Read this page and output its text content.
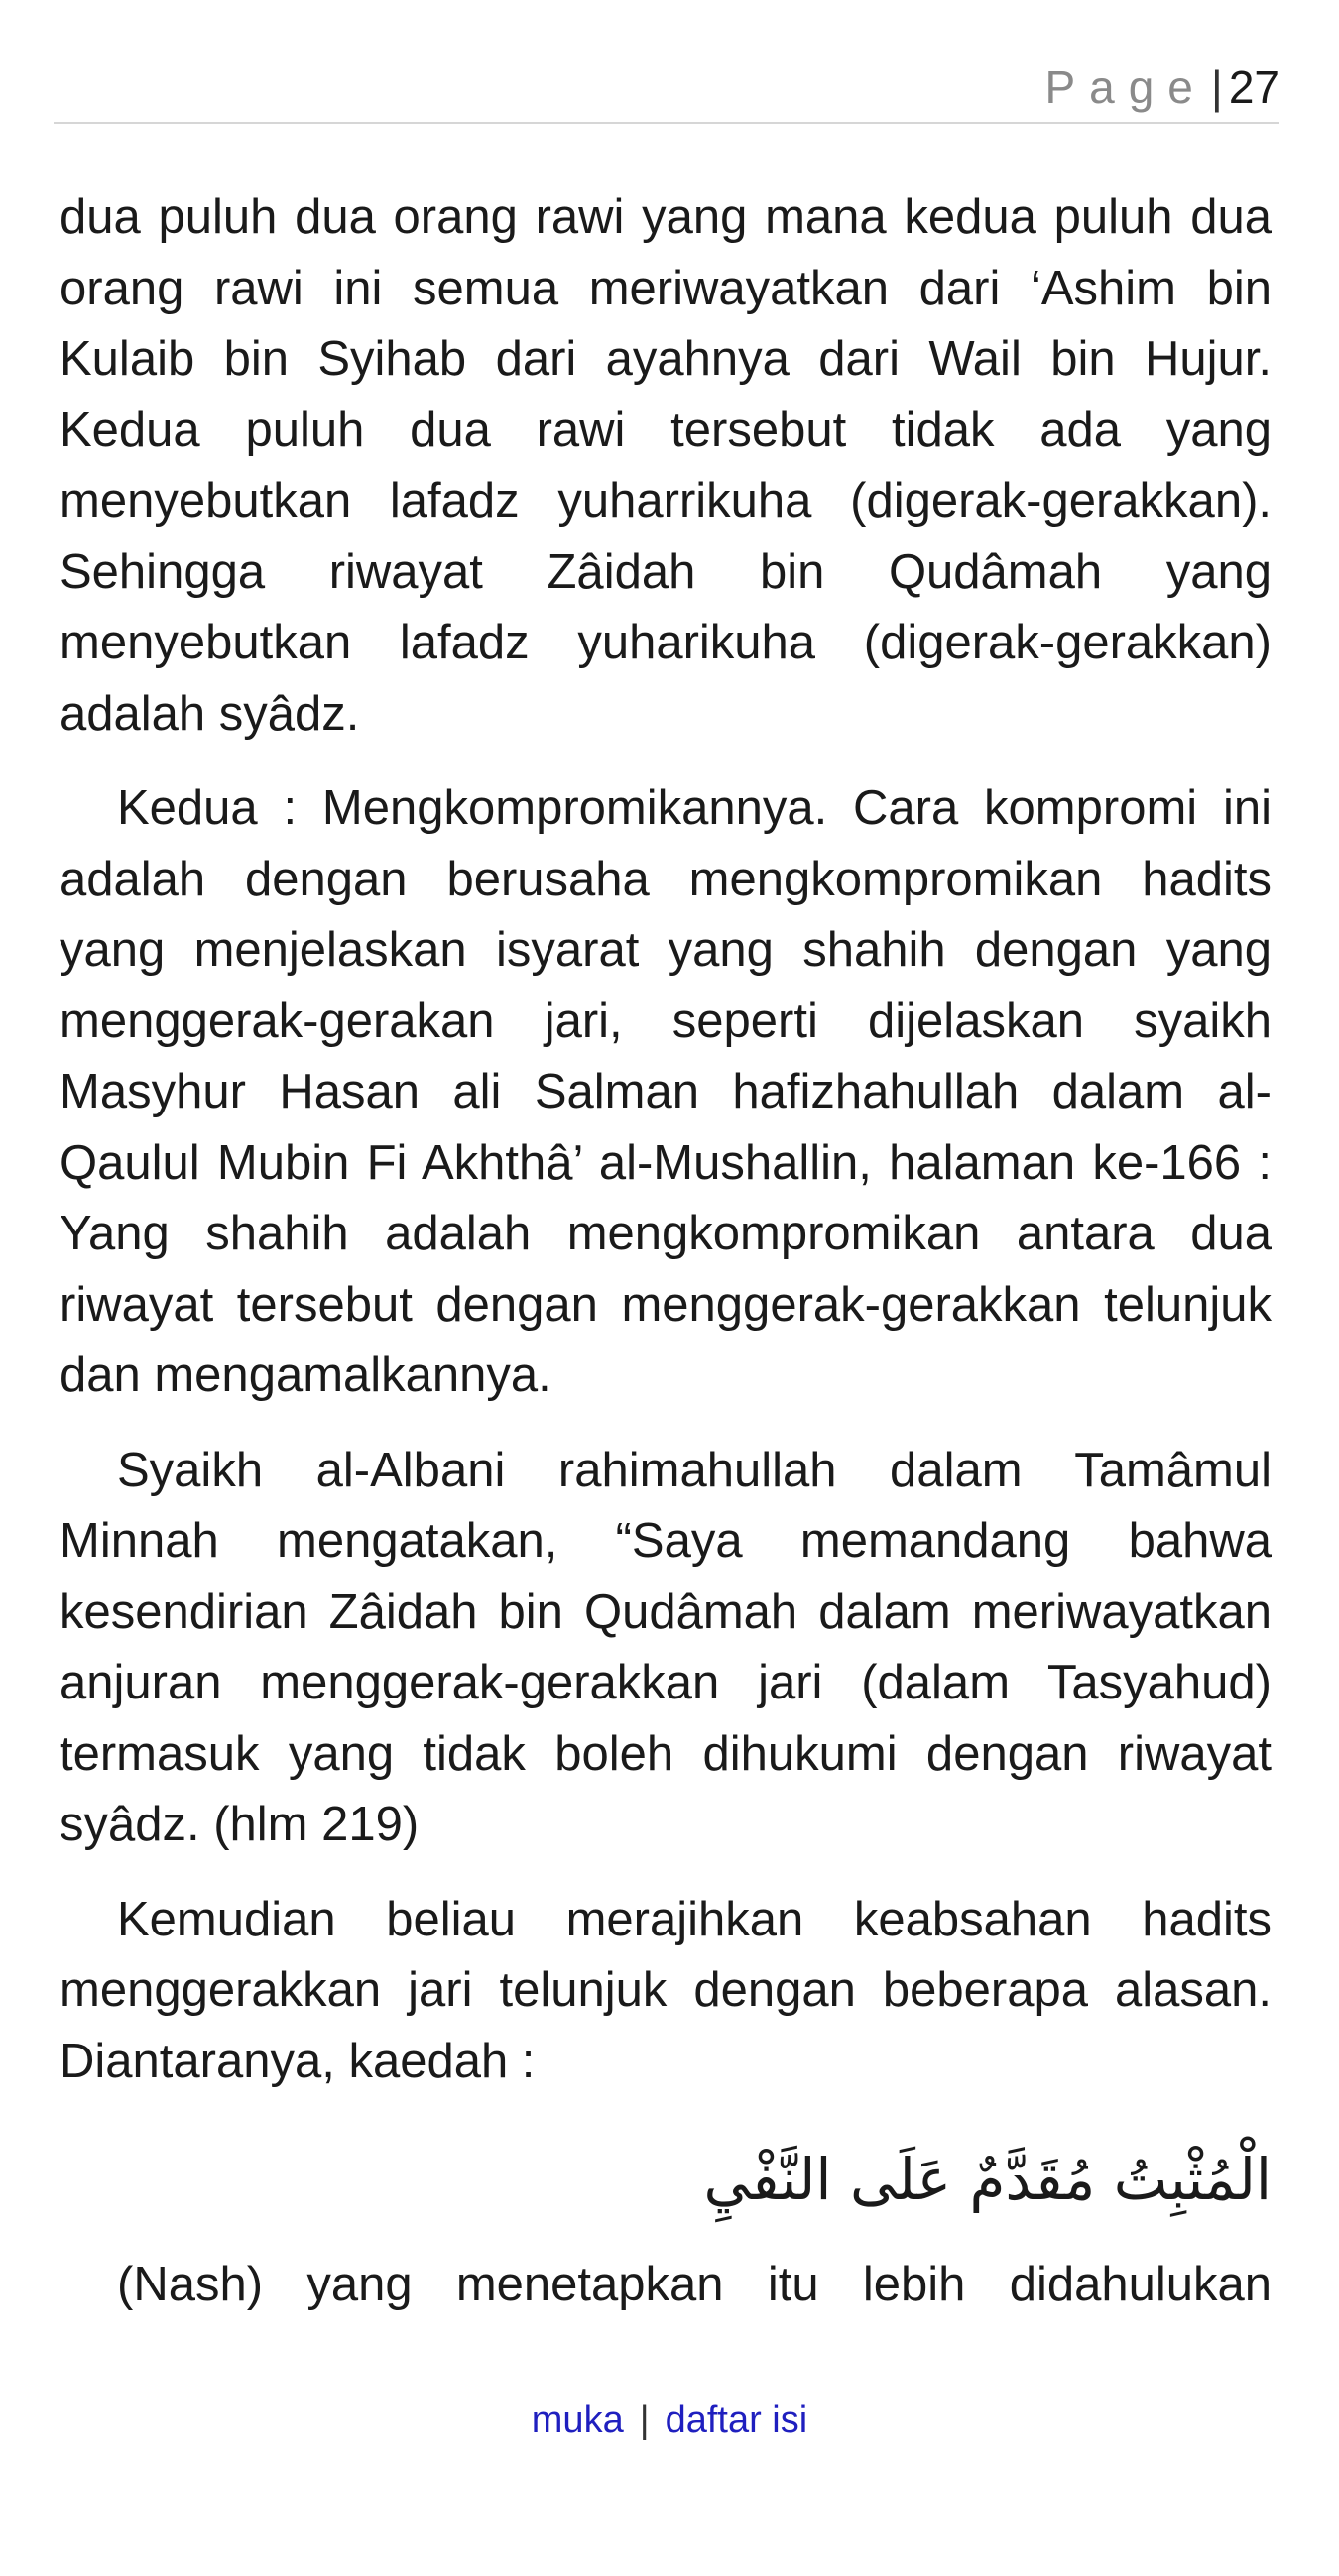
Page | 27

dua puluh dua orang rawi yang mana kedua puluh dua orang rawi ini semua meriwayatkan dari ‘Ashim bin Kulaib bin Syihab dari ayahnya dari Wail bin Hujur. Kedua puluh dua rawi tersebut tidak ada yang menyebutkan lafadz yuharrikuha (digerak-gerakkan). Sehingga riwayat Zâidah bin Qudâmah yang menyebutkan lafadz yuharikuha (digerak-gerakkan) adalah syâdz.

Kedua : Mengkompromikannya. Cara kompromi ini adalah dengan berusaha mengkompromikan hadits yang menjelaskan isyarat yang shahih dengan yang menggerak-gerakan jari, seperti dijelaskan syaikh Masyhur Hasan ali Salman hafizhahullah dalam al-Qaulul Mubin Fi Akhthâ’ al-Mushallin, halaman ke-166 : Yang shahih adalah mengkompromikan antara dua riwayat tersebut dengan menggerak-gerakkan telunjuk dan mengamalkannya.

Syaikh al-Albani rahimahullah dalam Tamâmul Minnah mengatakan, “Saya memandang bahwa kesendirian Zâidah bin Qudâmah dalam meriwayatkan anjuran menggerak-gerakkan jari (dalam Tasyahud) termasuk yang tidak boleh dihukumi dengan riwayat syâdz. (hlm 219)

Kemudian beliau merajihkan keabsahan hadits menggerakkan jari telunjuk dengan beberapa alasan. Diantaranya, kaedah :

الْمُثْبِتُ مُقَدَّمٌ عَلَى النَّفْيِ

(Nash) yang menetapkan itu lebih didahulukan

muka | daftar isi
